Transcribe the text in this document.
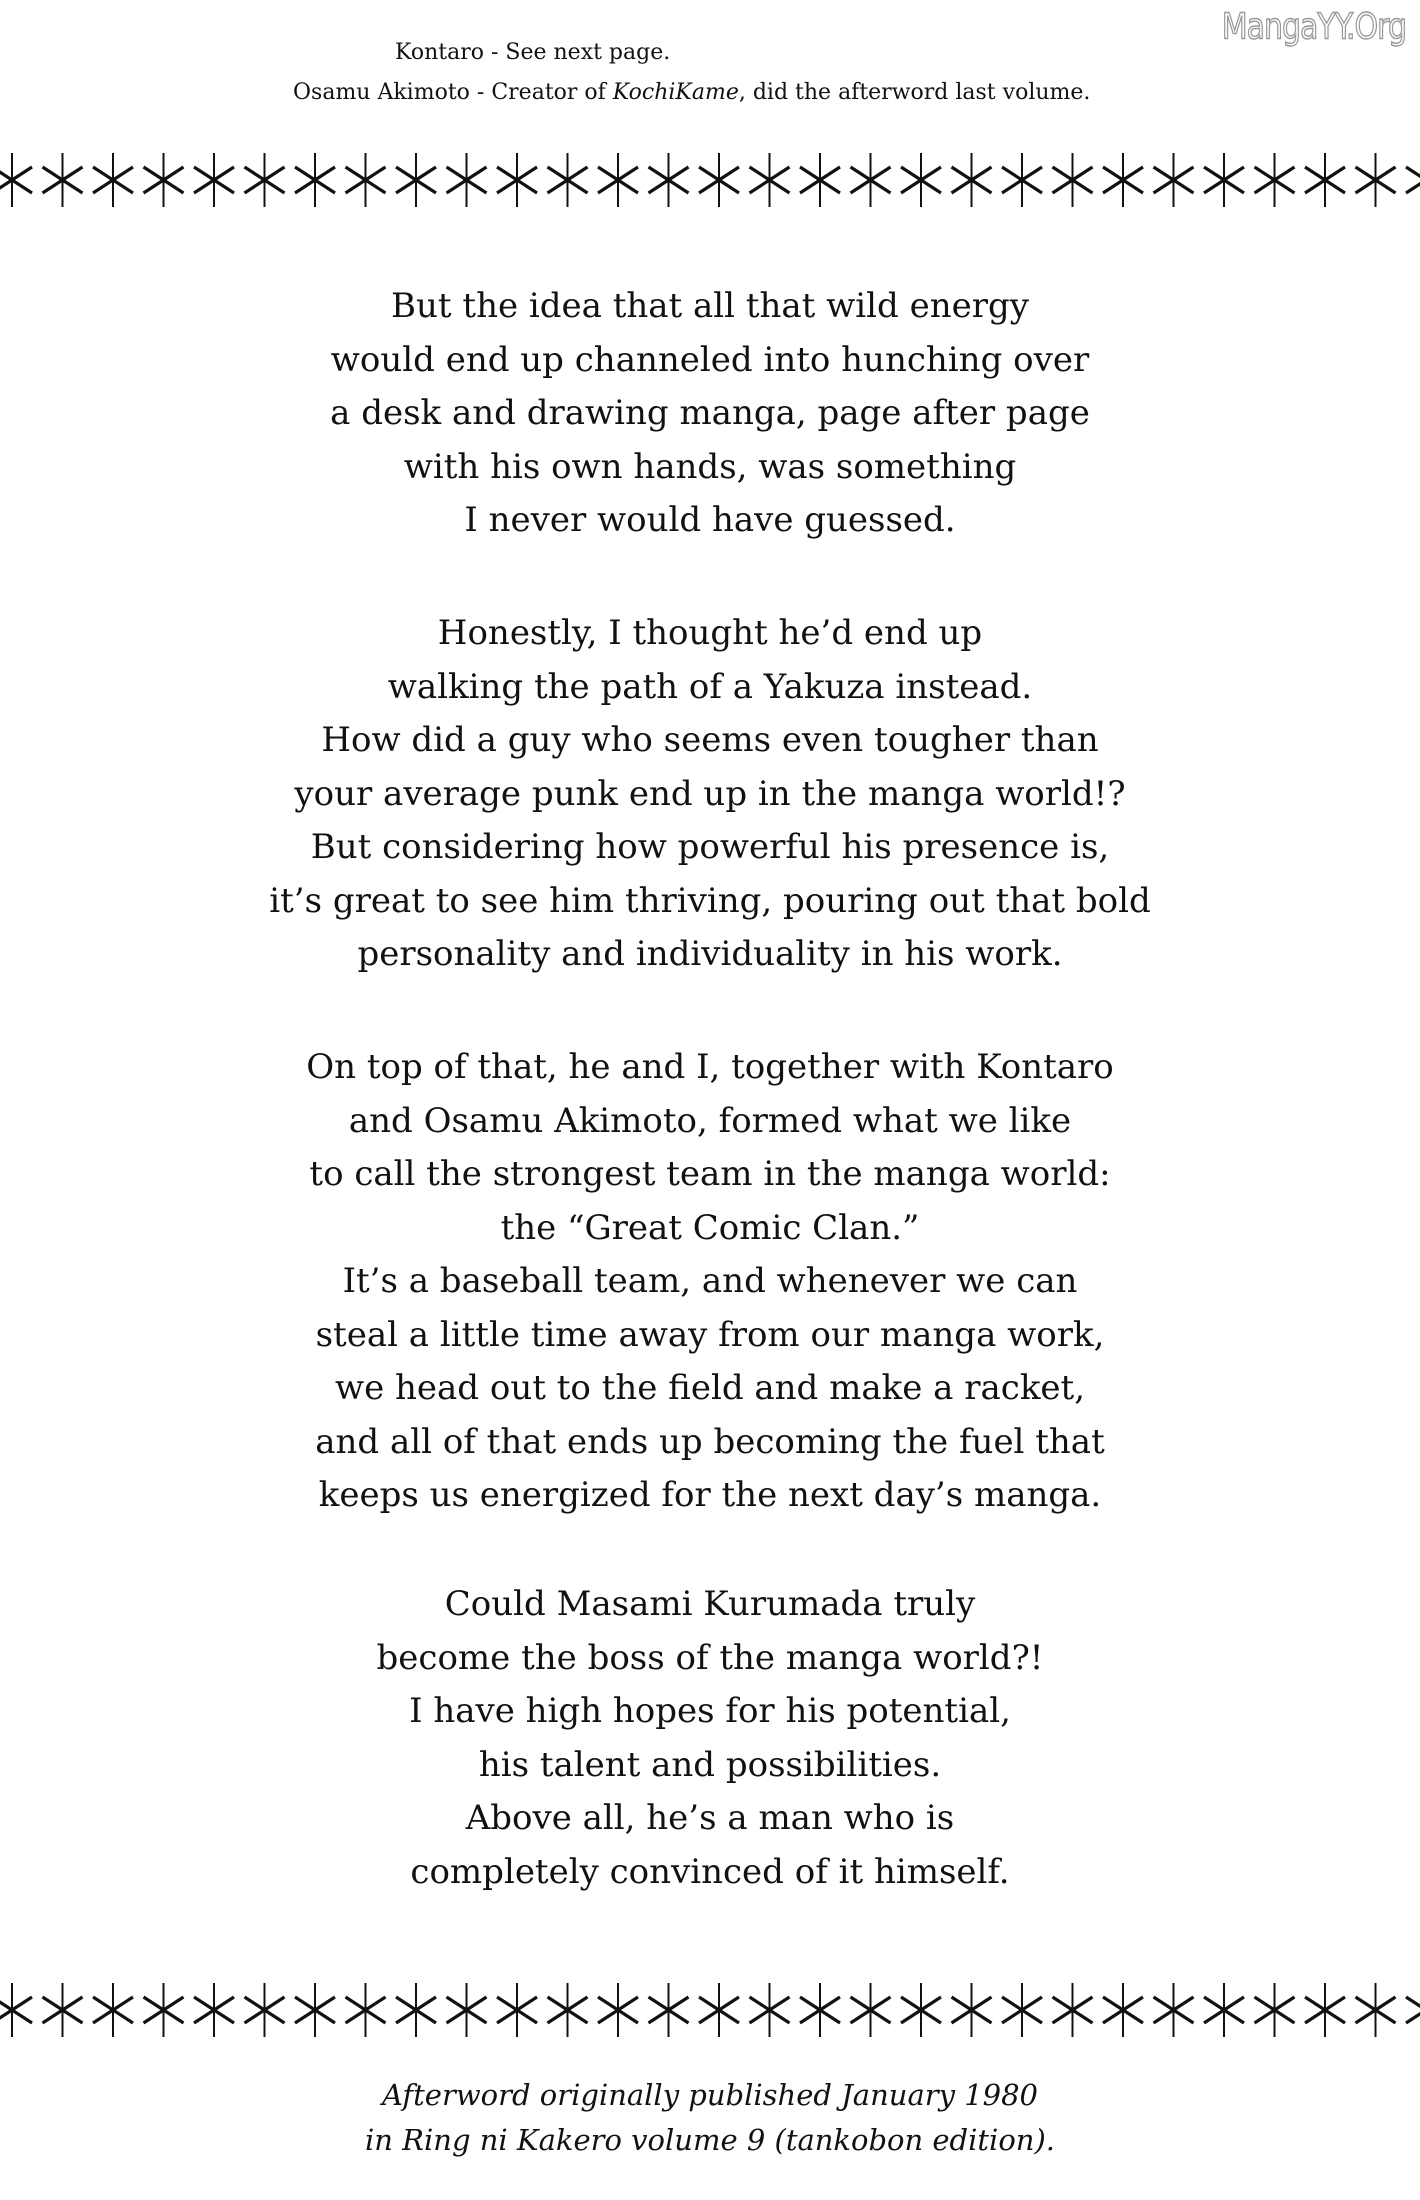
MangaYY.Org
Kontaro - See next page.
Osamu Akimoto - Creator of KochiKame, did the afterword last volume.
But the idea that all that wild energy
would end up channeled into hunching over
a desk and drawing manga, page after page
with his own hands, was something
I never would have guessed.
Honestly, I thought he’d end up
walking the path of a Yakuza instead.
How did a guy who seems even tougher than
your average punk end up in the manga world!?
But considering how powerful his presence is,
it’s great to see him thriving, pouring out that bold
personality and individuality in his work.
On top of that, he and I, together with Kontaro
and Osamu Akimoto, formed what we like
to call the strongest team in the manga world:
the “Great Comic Clan.”
It’s a baseball team, and whenever we can
steal a little time away from our manga work,
we head out to the field and make a racket,
and all of that ends up becoming the fuel that
keeps us energized for the next day’s manga.
Could Masami Kurumada truly
become the boss of the manga world?!
I have high hopes for his potential,
his talent and possibilities.
Above all, he’s a man who is
completely convinced of it himself.
Afterword originally published January 1980
in Ring ni Kakero volume 9 (tankobon edition).
